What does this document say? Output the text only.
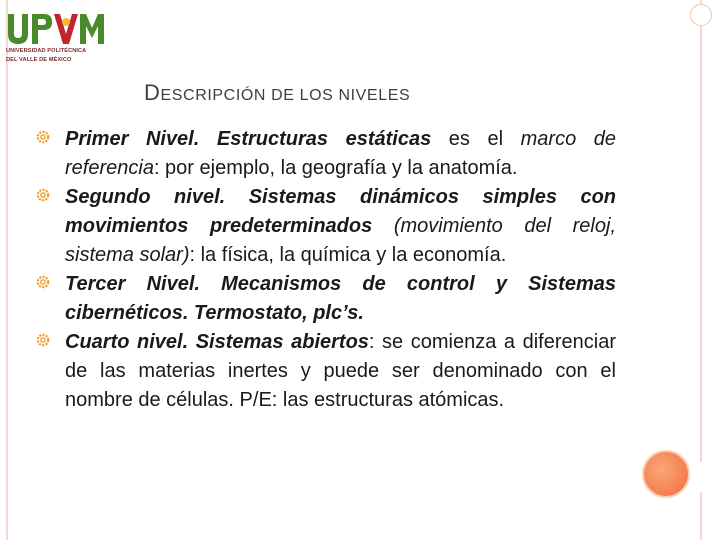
UNIVERSIDAD POLITÉCNICA
DEL VALLE DE MÉXICO
DESCRIPCIÓN DE LOS NIVELES
Primer Nivel. Estructuras estáticas es el marco de referencia: por ejemplo, la geografía y la anatomía.
Segundo nivel. Sistemas dinámicos simples con movimientos predeterminados (movimiento del reloj, sistema solar): la física, la química y la economía.
Tercer Nivel. Mecanismos de control y Sistemas cibernéticos. Termostato, plc’s.
Cuarto nivel. Sistemas abiertos: se comienza a diferenciar de las materias inertes y puede ser denominado con el nombre de células. P/E: las estructuras atómicas.
